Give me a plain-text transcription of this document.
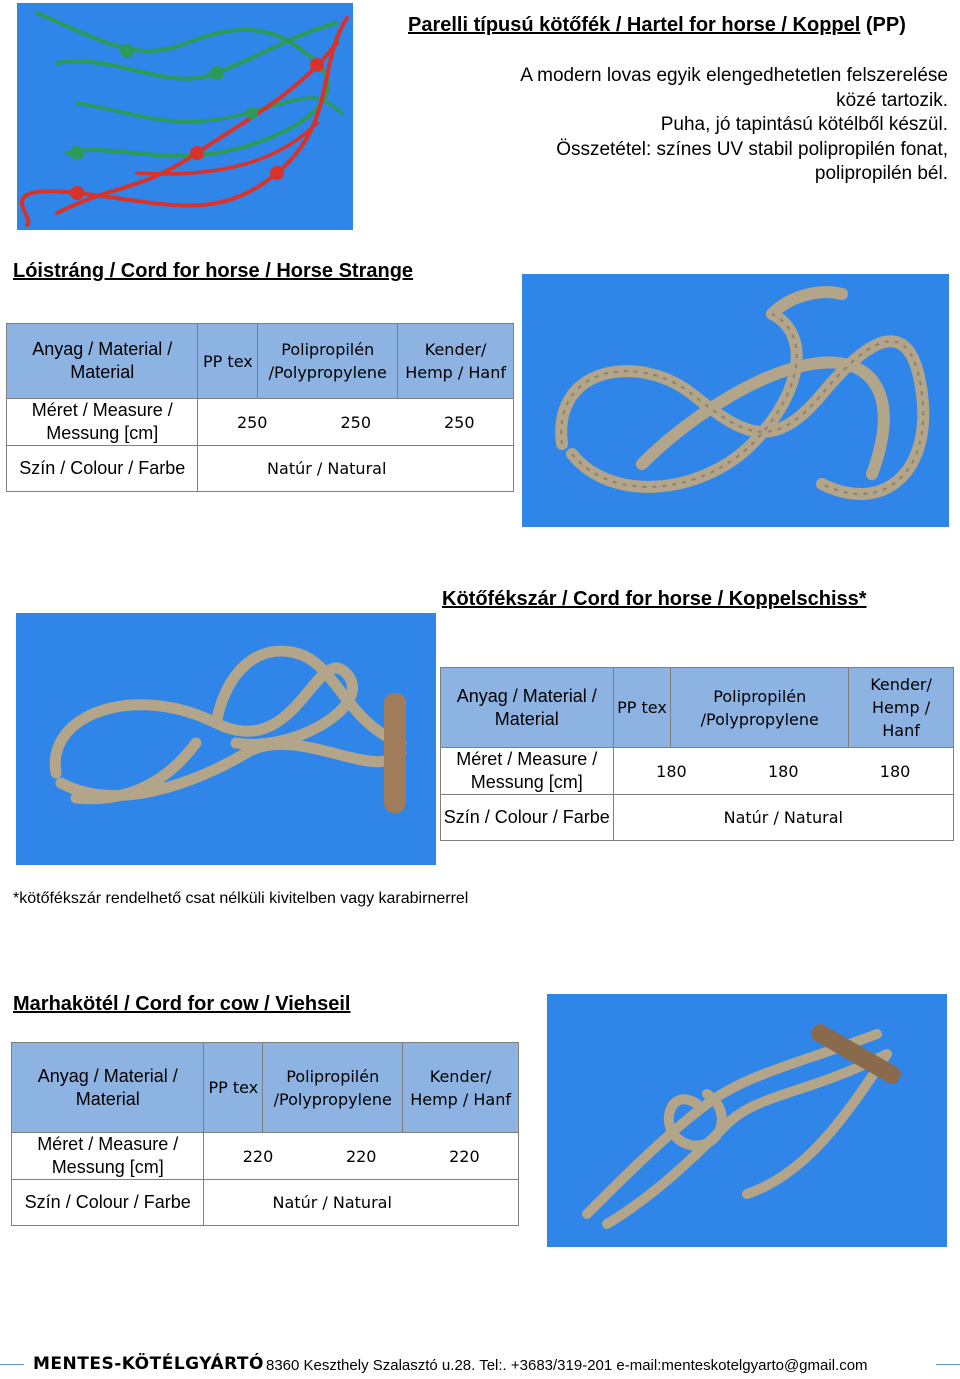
Parelli típusú kötőfék / Hartel for horse / Koppel (PP)
A modern lovas egyik elengedhetetlen felszerelése
közé tartozik.
Puha, jó tapintású kötélből készül.
Összetétel: színes UV stabil polipropilén fonat,
polipropilén bél.
Lóistráng / Cord for horse / Horse Strange
Anyag / Material / Material	PP tex	Polipropilén /Polypropylene	Kender/ Hemp / Hanf
Méret / Measure / Messung [cm]	250 250 250		

Szín / Colour / Farbe	Natúr / Natural		
Kötőfékszár / Cord for horse / Koppelschiss*
Anyag / Material / Material	PP tex	Polipropilén /Polypropylene	Kender/ Hemp / Hanf
Méret / Measure / Messung [cm]	180 180 180		

Szín / Colour / Farbe	Natúr / Natural		
*kötőfékszár rendelhető csat nélküli kivitelben vagy karabirnerrel
Marhakötél / Cord for cow / Viehseil
Anyag / Material / Material	PP tex	Polipropilén /Polypropylene	Kender/ Hemp / Hanf
Méret / Measure / Messung [cm]	220 220 220		

Szín / Colour / Farbe	Natúr / Natural		
MENTES-KÖTÉLGYÁRTÓ 8360 Keszthely Szalasztó u.28. Tel:. +3683/319-201 e-mail:menteskotelgyarto@gmail.com
